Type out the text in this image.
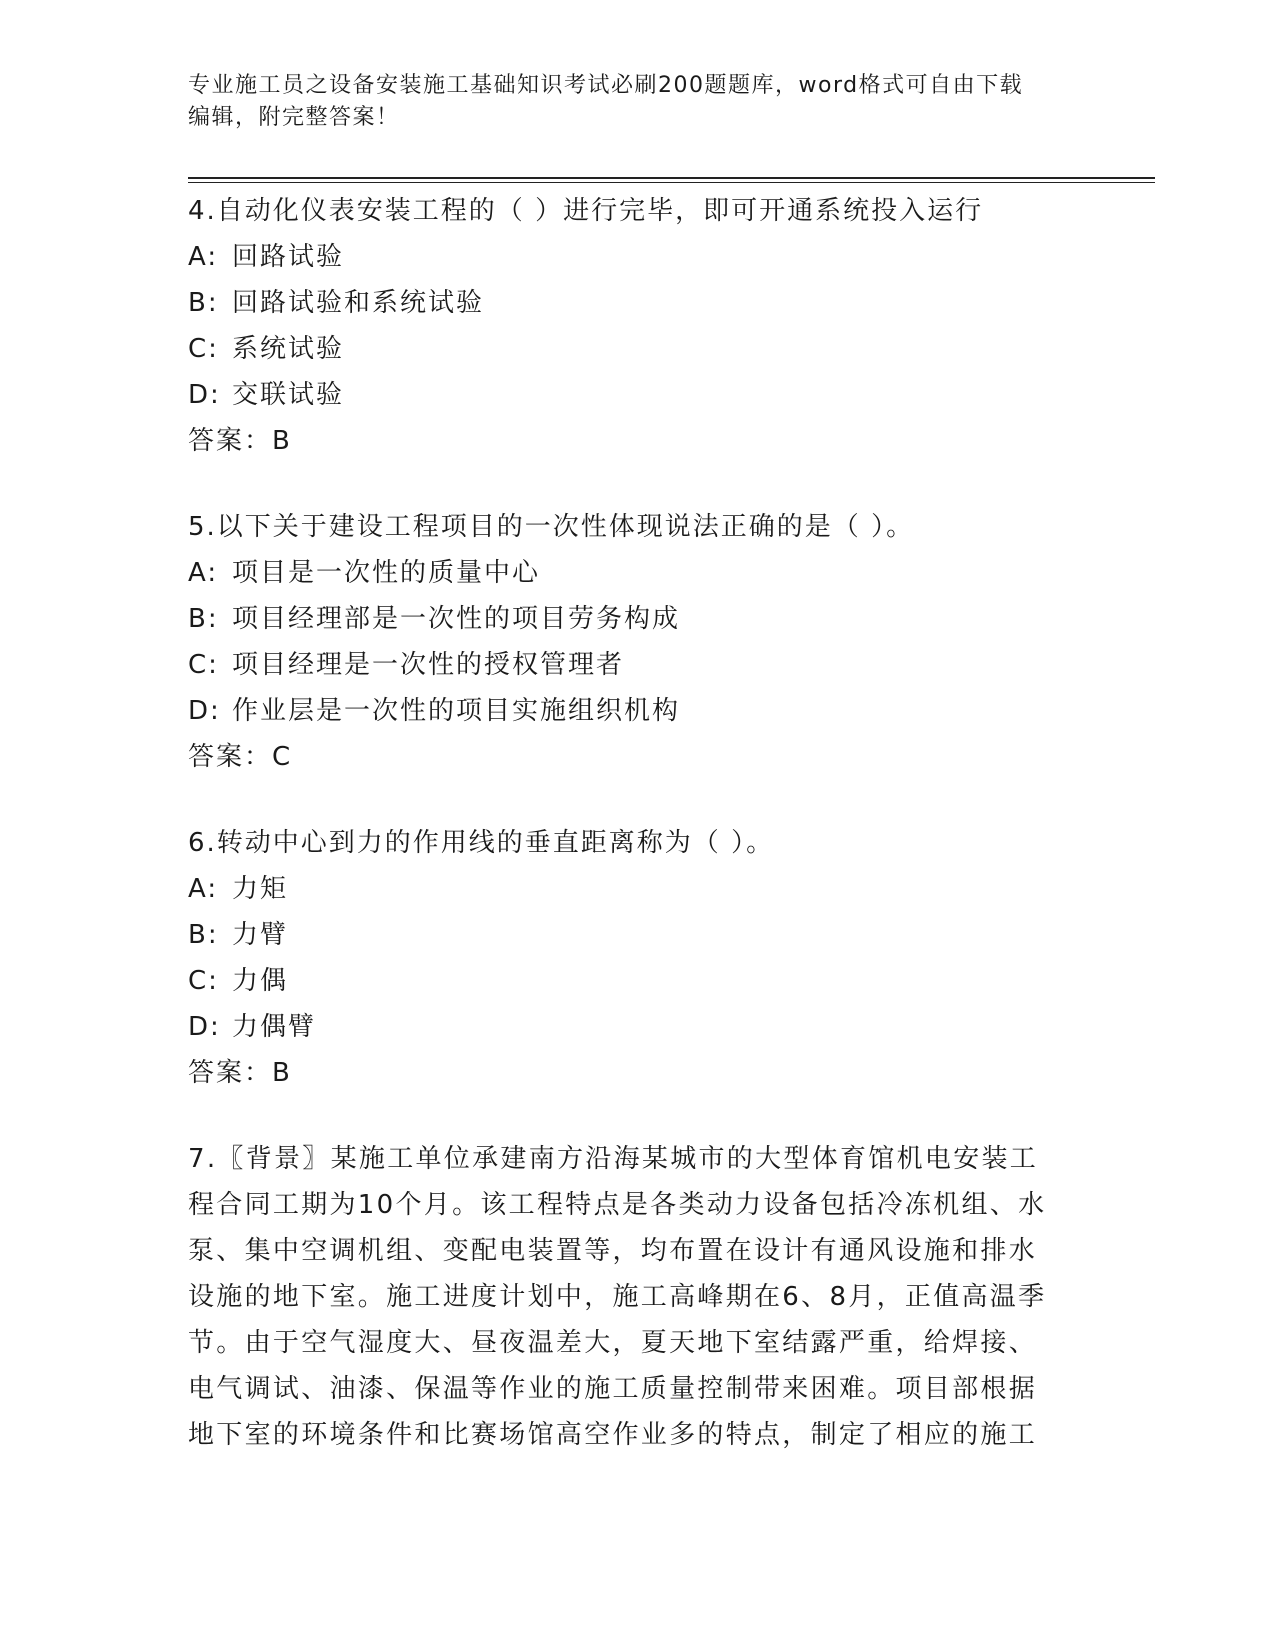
专业施工员之设备安装施工基础知识考试必刷200题题库，word格式可自由下载
编辑，附完整答案！
4.自动化仪表安装工程的（ ）进行完毕，即可开通系统投入运行
A: 回路试验
B: 回路试验和系统试验
C: 系统试验
D: 交联试验
答案：B
5.以下关于建设工程项目的一次性体现说法正确的是（ ）。
A: 项目是一次性的质量中心
B: 项目经理部是一次性的项目劳务构成
C: 项目经理是一次性的授权管理者
D: 作业层是一次性的项目实施组织机构
答案：C
6.转动中心到力的作用线的垂直距离称为（ ）。
A: 力矩
B: 力臂
C: 力偶
D: 力偶臂
答案：B
7.〖背景〗某施工单位承建南方沿海某城市的大型体育馆机电安装工
程合同工期为10个月。该工程特点是各类动力设备包括冷冻机组、水
泵、集中空调机组、变配电装置等，均布置在设计有通风设施和排水
设施的地下室。施工进度计划中，施工高峰期在6、8月，正值高温季
节。由于空气湿度大、昼夜温差大，夏天地下室结露严重，给焊接、
电气调试、油漆、保温等作业的施工质量控制带来困难。项目部根据
地下室的环境条件和比赛场馆高空作业多的特点，制定了相应的施工
